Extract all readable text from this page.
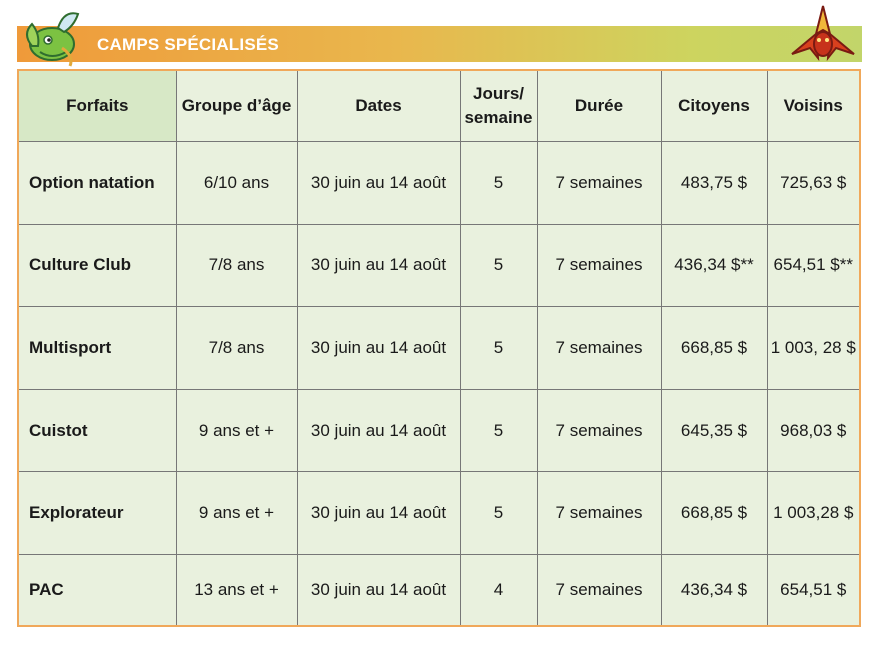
CAMPS SPÉCIALISÉS
Forfaits	Groupe d’âge	Dates	Jours/ semaine	Durée	Citoyens	Voisins
Option natation	6/10 ans	30 juin au 14 août	5	7 semaines	483,75 $	725,63 $
Culture Club	7/8 ans	30 juin au 14 août	5	7 semaines	436,34 $**	654,51 $**
Multisport	7/8 ans	30 juin au 14 août	5	7 semaines	668,85 $	1 003, 28 $
Cuistot	9 ans et +	30 juin au 14 août	5	7 semaines	645,35 $	968,03 $
Explorateur	9 ans et +	30 juin au 14 août	5	7 semaines	668,85 $	1 003,28 $
PAC	13 ans et +	30 juin au 14 août	4	7 semaines	436,34 $	654,51 $
